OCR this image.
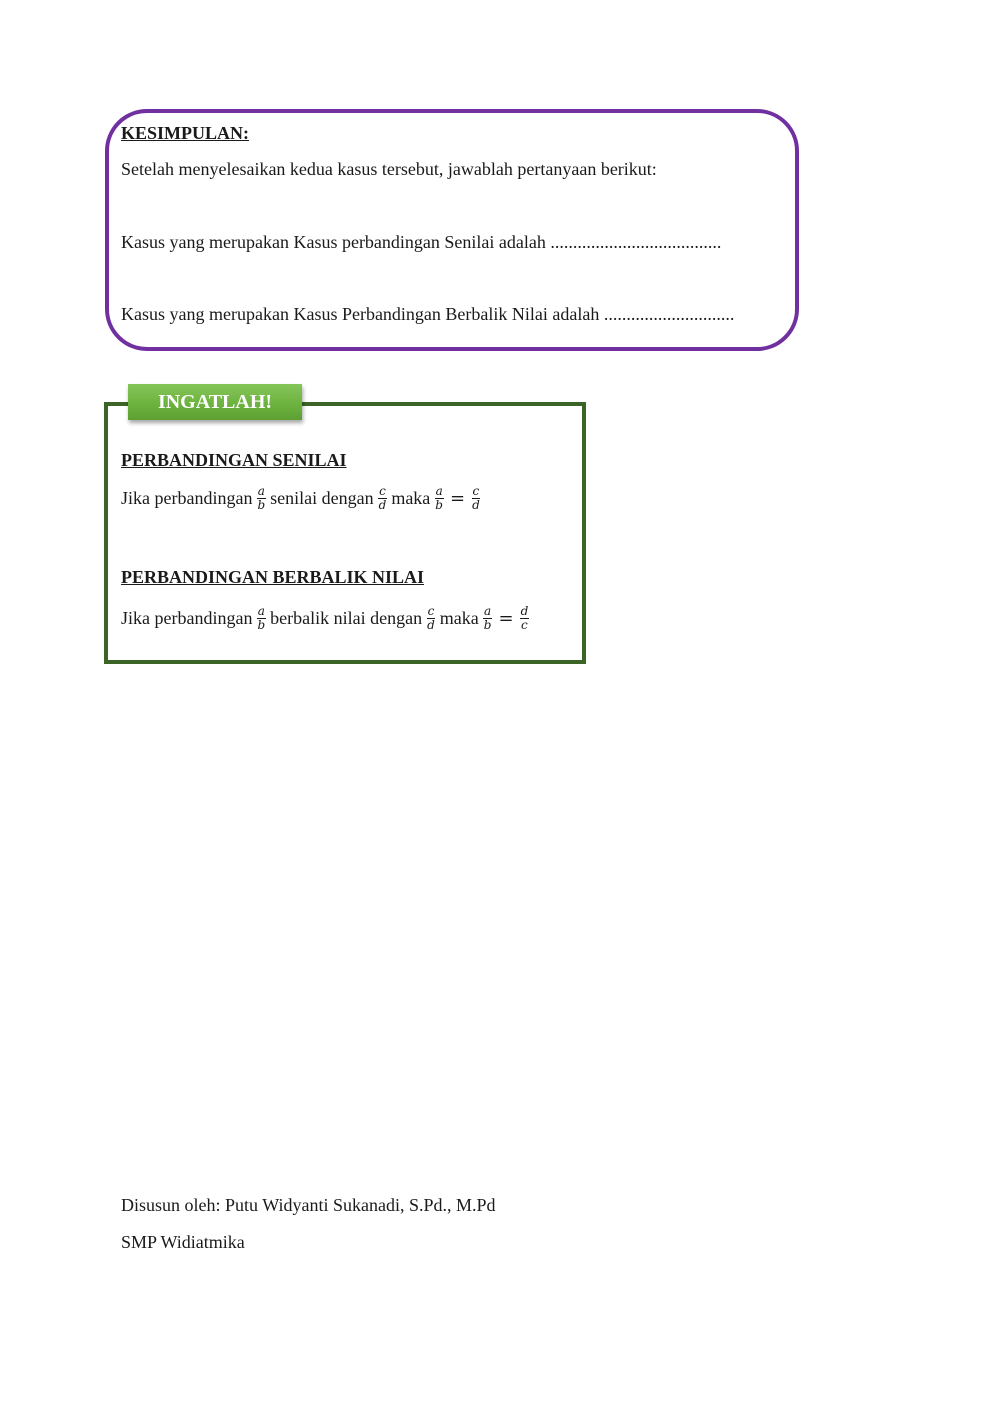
KESIMPULAN:
Setelah menyelesaikan kedua kasus tersebut, jawablah pertanyaan berikut:
Kasus yang merupakan Kasus perbandingan Senilai adalah ......................................
Kasus yang merupakan Kasus Perbandingan Berbalik Nilai adalah .............................
INGATLAH!
PERBANDINGAN SENILAI
Jika perbandingan $\frac{a}{b}$ senilai dengan $\frac{c}{d}$ maka $\frac{a}{b} = \frac{c}{d}$
PERBANDINGAN BERBALIK NILAI
Jika perbandingan $\frac{a}{b}$ berbalik nilai dengan $\frac{c}{d}$ maka $\frac{a}{b} = \frac{d}{c}$
Disusun oleh: Putu Widyanti Sukanadi, S.Pd., M.Pd
SMP Widiatmika
